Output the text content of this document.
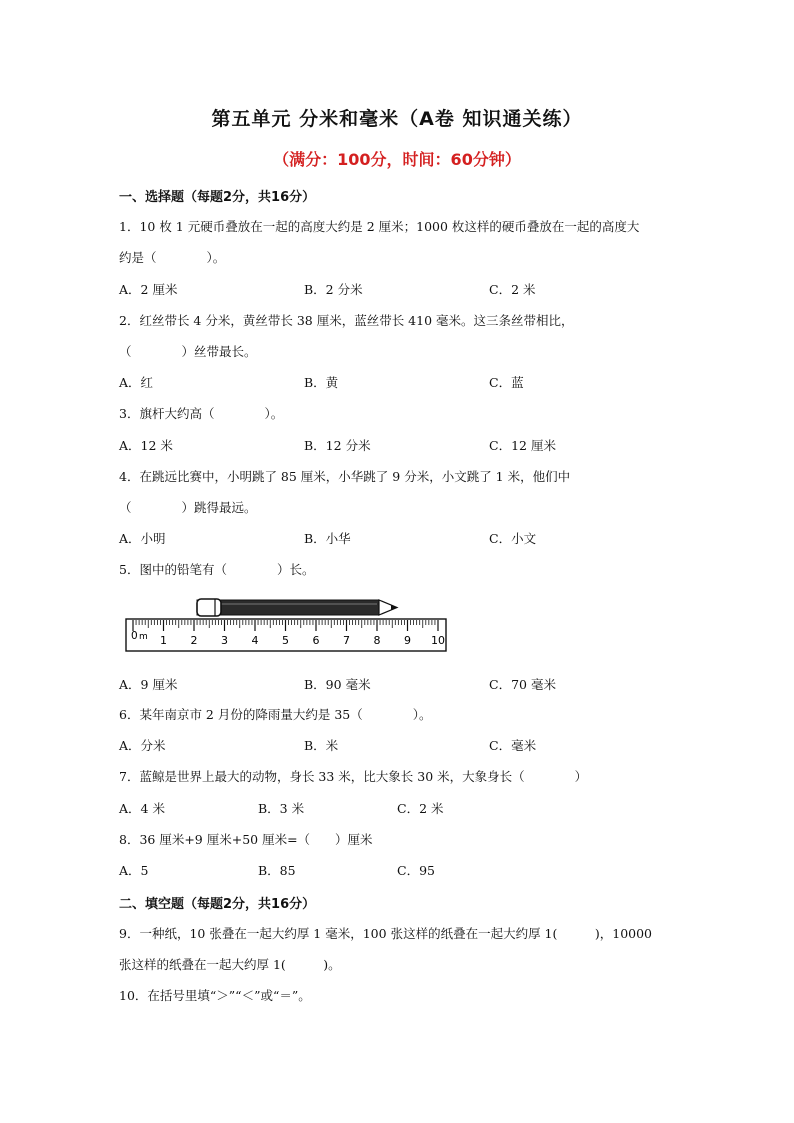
第五单元 分米和毫米（A卷 知识通关练）
（满分：100分，时间：60分钟）
一、选择题（每题2分，共16分）
1．10 枚 1 元硬币叠放在一起的高度大约是 2 厘米；1000 枚这样的硬币叠放在一起的高度大
约是（　　　　）。
A．2 厘米	B．2 分米	C．2 米
2．红丝带长 4 分米，黄丝带长 38 厘米，蓝丝带长 410 毫米。这三条丝带相比，
（　　　　）丝带最长。
A．红	B．黄	C．蓝
3．旗杆大约高（　　　　）。
A．12 米	B．12 分米	C．12 厘米
4．在跳远比赛中，小明跳了 85 厘米，小华跳了 9 分米，小文跳了 1 米，他们中
（　　　　）跳得最远。
A．小明	B．小华	C．小文
5．图中的铅笔有（　　　　）长。
0 m 1 2 3 4 5 6 7 8 9 10
A．9 厘米	B．90 毫米	C．70 毫米
6．某年南京市 2 月份的降雨量大约是 35（　　　　）。
A．分米	B．米	C．毫米
7．蓝鲸是世界上最大的动物，身长 33 米，比大象长 30 米，大象身长（　　　　）
A．4 米	B．3 米	C．2 米
8．36 厘米+9 厘米+50 厘米=（　　）厘米
A．5	B．85	C．95
二、填空题（每题2分，共16分）
9．一种纸，10 张叠在一起大约厚 1 毫米，100 张这样的纸叠在一起大约厚 1(　　　)，10000
张这样的纸叠在一起大约厚 1(　　　)。
10．在括号里填“＞”“＜”或“＝”。
